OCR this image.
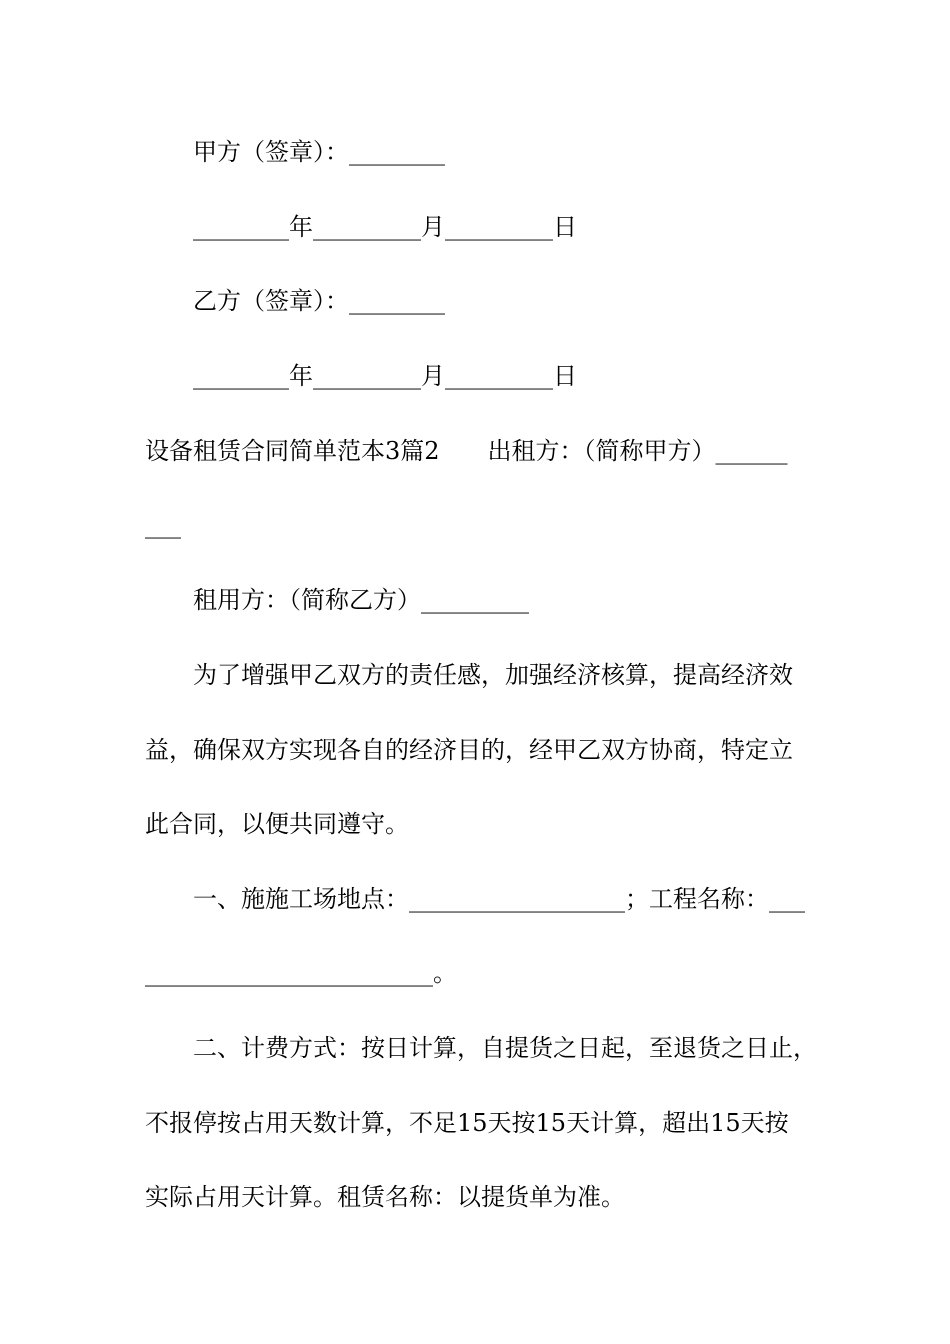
甲方（签章）：________
________年_________月_________日
乙方（签章）：________
________年_________月_________日
设备租赁合同简单范本3篇2　　出租方：（简称甲方）______
___
租用方：（简称乙方）_________
为了增强甲乙双方的责任感，加强经济核算，提高经济效
益，确保双方实现各自的经济目的，经甲乙双方协商，特定立
此合同，以便共同遵守。
一、施施工场地点：__________________；工程名称：___
________________________。
二、计费方式：按日计算，自提货之日起，至退货之日止，
不报停按占用天数计算，不足15天按15天计算，超出15天按
实际占用天计算。租赁名称：以提货单为准。
